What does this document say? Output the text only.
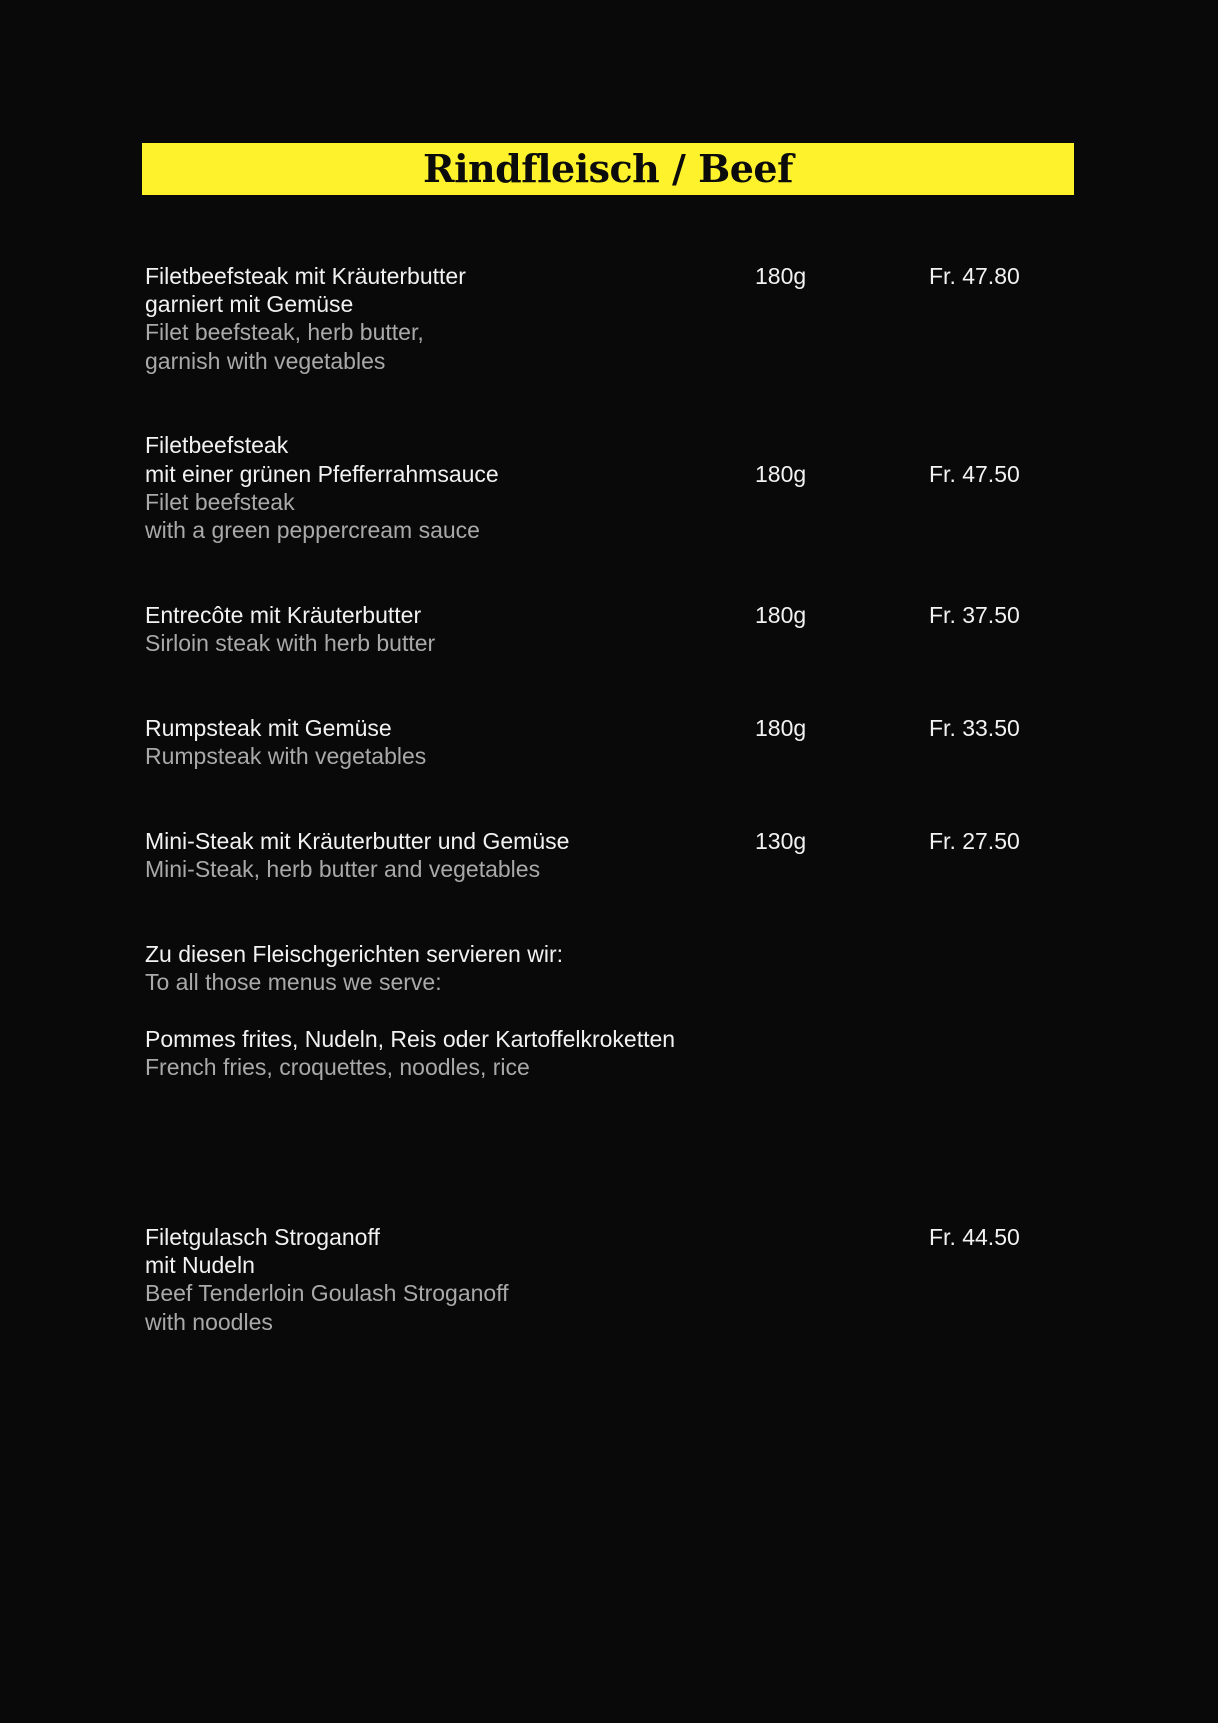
Rindfleisch / Beef
Filetbeefsteak mit Kräuterbutter
garniert mit Gemüse
Filet beefsteak, herb butter,
garnish with vegetables
180g	Fr. 47.80
Filetbeefsteak
mit einer grünen Pfefferrahmsauce
Filet beefsteak
with a green peppercream sauce
180g	Fr. 47.50
Entrecôte mit Kräuterbutter
Sirloin steak with herb butter
180g	Fr. 37.50
Rumpsteak mit Gemüse
Rumpsteak with vegetables
180g	Fr. 33.50
Mini-Steak mit Kräuterbutter und Gemüse
Mini-Steak, herb butter and vegetables
130g	Fr. 27.50
Zu diesen Fleischgerichten servieren wir:
To all those menus we serve:
Pommes frites, Nudeln, Reis oder Kartoffelkroketten
French fries, croquettes, noodles, rice
Filetgulasch Stroganoff
mit Nudeln
Beef Tenderloin Goulash Stroganoff
with noodles
Fr. 44.50
